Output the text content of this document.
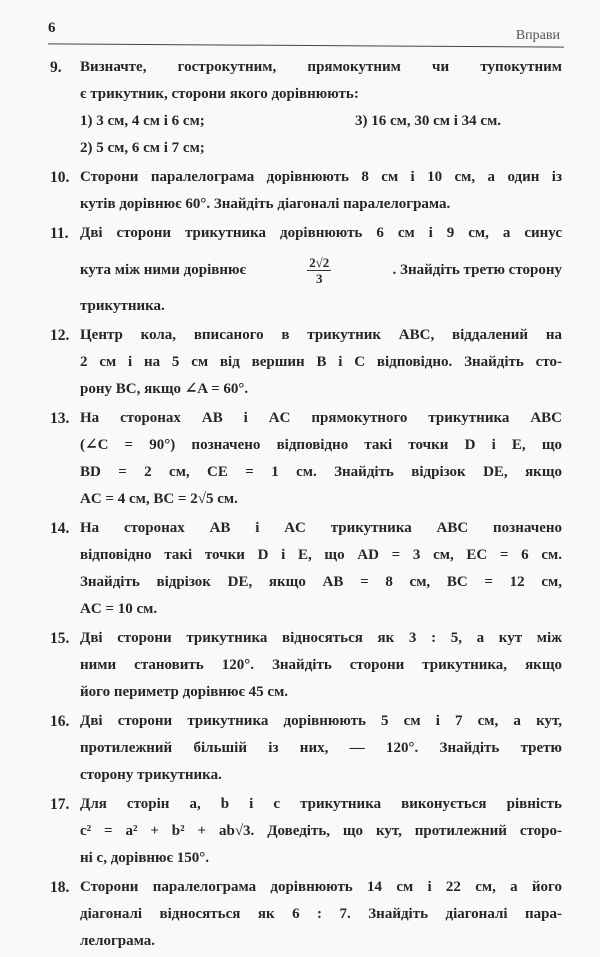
6	Вправи
9. Визначте, гострокутним, прямокутним чи тупокутним
є трикутник, сторони якого дорівнюють:
1) 3 см, 4 см і 6 см;	3) 16 см, 30 см і 34 см.
2) 5 см, 6 см і 7 см;
10. Сторони паралелограма дорівнюють 8 см і 10 см, а один із
кутів дорівнює 60°. Знайдіть діагоналі паралелограма.
11. Дві сторони трикутника дорівнюють 6 см і 9 см, а синус
кута між ними дорівнює	$\frac{2√2}{3}$	. Знайдіть третю сторону
трикутника.
12. Центр кола, вписаного в трикутник ABC, віддалений на
2 см і на 5 см від вершин B і C відповідно. Знайдіть сто-
рону BC, якщо ∠A = 60°.
13. На сторонах AB і AC прямокутного трикутника ABC
(∠C = 90°) позначено відповідно такі точки D і E, що
BD = 2 см, CE = 1 см. Знайдіть відрізок DE, якщо
AC = 4 см, BC = 2√5 см.
14. На сторонах AB і AC трикутника ABC позначено
відповідно такі точки D і E, що AD = 3 см, EC = 6 см.
Знайдіть відрізок DE, якщо AB = 8 см, BC = 12 см,
AC = 10 см.
15. Дві сторони трикутника відносяться як 3 : 5, а кут між
ними становить 120°. Знайдіть сторони трикутника, якщо
його периметр дорівнює 45 см.
16. Дві сторони трикутника дорівнюють 5 см і 7 см, а кут,
протилежний більшій із них, — 120°. Знайдіть третю
сторону трикутника.
17. Для сторін a, b і c трикутника виконується рівність
c² = a² + b² + ab√3. Доведіть, що кут, протилежний сторо-
ні c, дорівнює 150°.
18. Сторони паралелограма дорівнюють 14 см і 22 см, а його
діагоналі відносяться як 6 : 7. Знайдіть діагоналі пара-
лелограма.
